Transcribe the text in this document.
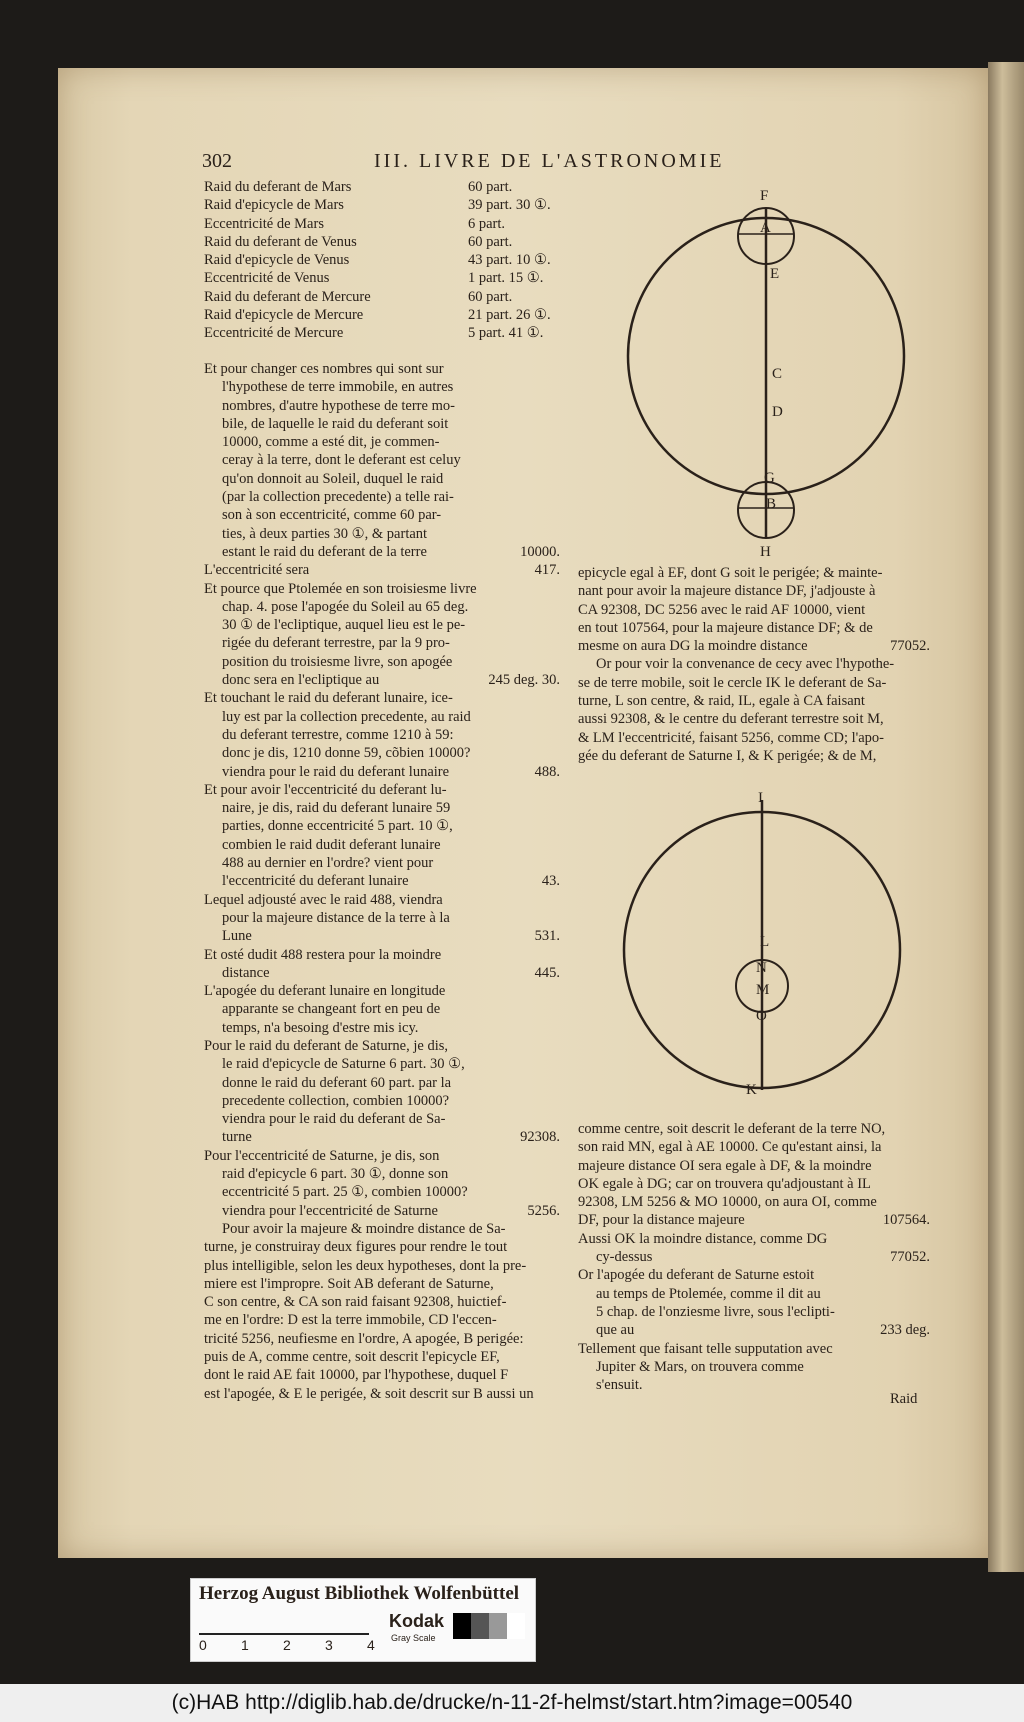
302	III. LIVRE DE L'ASTRONOMIE
Raid du deferant de Mars	60 part.
Raid d'epicycle de Mars	39 part. 30 ①.
Eccentricité de Mars	6 part.
Raid du deferant de Venus	60 part.
Raid d'epicycle de Venus	43 part. 10 ①.
Eccentricité de Venus	1 part. 15 ①.
Raid du deferant de Mercure	60 part.
Raid d'epicycle de Mercure	21 part. 26 ①.
Eccentricité de Mercure	5 part. 41 ①.
Et pour changer ces nombres qui sont sur
l'hypothese de terre immobile, en autres
nombres, d'autre hypothese de terre mo-
bile, de laquelle le raid du deferant soit
10000, comme a esté dit, je commen-
ceray à la terre, dont le deferant est celuy
qu'on donnoit au Soleil, duquel le raid
(par la collection precedente) a telle rai-
son à son eccentricité, comme 60 par-
ties, à deux parties 30 ①, & partant
estant le raid du deferant de la terre	10000.
L'eccentricité sera	417.
Et pource que Ptolemée en son troisiesme livre
chap. 4. pose l'apogée du Soleil au 65 deg.
30 ① de l'ecliptique, auquel lieu est le pe-
rigée du deferant terrestre, par la 9 pro-
position du troisiesme livre, son apogée
donc sera en l'ecliptique au	245 deg. 30.
Et touchant le raid du deferant lunaire, ice-
luy est par la collection precedente, au raid
du deferant terrestre, comme 1210 à 59:
donc je dis, 1210 donne 59, cõbien 10000?
viendra pour le raid du deferant lunaire	488.
Et pour avoir l'eccentricité du deferant lu-
naire, je dis, raid du deferant lunaire 59
parties, donne eccentricité 5 part. 10 ①,
combien le raid dudit deferant lunaire
488 au dernier en l'ordre? vient pour
l'eccentricité du deferant lunaire	43.
Lequel adjousté avec le raid 488, viendra
pour la majeure distance de la terre à la
Lune	531.
Et osté dudit 488 restera pour la moindre
distance	445.
L'apogée du deferant lunaire en longitude
apparante se changeant fort en peu de
temps, n'a besoing d'estre mis icy.
Pour le raid du deferant de Saturne, je dis,
le raid d'epicycle de Saturne 6 part. 30 ①,
donne le raid du deferant 60 part. par la
precedente collection, combien 10000?
viendra pour le raid du deferant de Sa-
turne	92308.
Pour l'eccentricité de Saturne, je dis, son
raid d'epicycle 6 part. 30 ①, donne son
eccentricité 5 part. 25 ①, combien 10000?
viendra pour l'eccentricité de Saturne	5256.
Pour avoir la majeure & moindre distance de Sa-
turne, je construiray deux figures pour rendre le tout
plus intelligible, selon les deux hypotheses, dont la pre-
miere est l'impropre. Soit AB deferant de Saturne,
C son centre, & CA son raid faisant 92308, huictief-
me en l'ordre: D est la terre immobile, CD l'eccen-
tricité 5256, neufiesme en l'ordre, A apogée, B perigée:
puis de A, comme centre, soit descrit l'epicycle EF,
dont le raid AE fait 10000, par l'hypothese, duquel F
est l'apogée, & E le perigée, & soit descrit sur B aussi un
epicycle egal à EF, dont G soit le perigée; & mainte-
nant pour avoir la majeure distance DF, j'adjouste à
CA 92308, DC 5256 avec le raid AF 10000, vient
en tout 107564, pour la majeure distance DF; & de
mesme on aura DG la moindre distance	77052.
Or pour voir la convenance de cecy avec l'hypothe-
se de terre mobile, soit le cercle IK le deferant de Sa-
turne, L son centre, & raid, IL, egale à CA faisant
aussi 92308, & le centre du deferant terrestre soit M,
& LM l'eccentricité, faisant 5256, comme CD; l'apo-
gée du deferant de Saturne I, & K perigée; & de M,
comme centre, soit descrit le deferant de la terre NO,
son raid MN, egal à AE 10000. Ce qu'estant ainsi, la
majeure distance OI sera egale à DF, & la moindre
OK egale à DG; car on trouvera qu'adjoustant à IL
92308, LM 5256 & MO 10000, on aura OI, comme
DF, pour la distance majeure	107564.
Aussi OK la moindre distance, comme DG
cy-dessus	77052.
Or l'apogée du deferant de Saturne estoit
au temps de Ptolemée, comme il dit au
5 chap. de l'onziesme livre, sous l'eclipti-
que au	233 deg.
Tellement que faisant telle supputation avec
Jupiter & Mars, on trouvera comme
s'ensuit.
Raid
F
A
E
C
D
G
B
H
I
L
N
M
O
K
Herzog August Bibliothek Wolfenbüttel
0 1 2 3 4
Kodak
Gray Scale
(c)HAB http://diglib.hab.de/drucke/n-11-2f-helmst/start.htm?image=00540
